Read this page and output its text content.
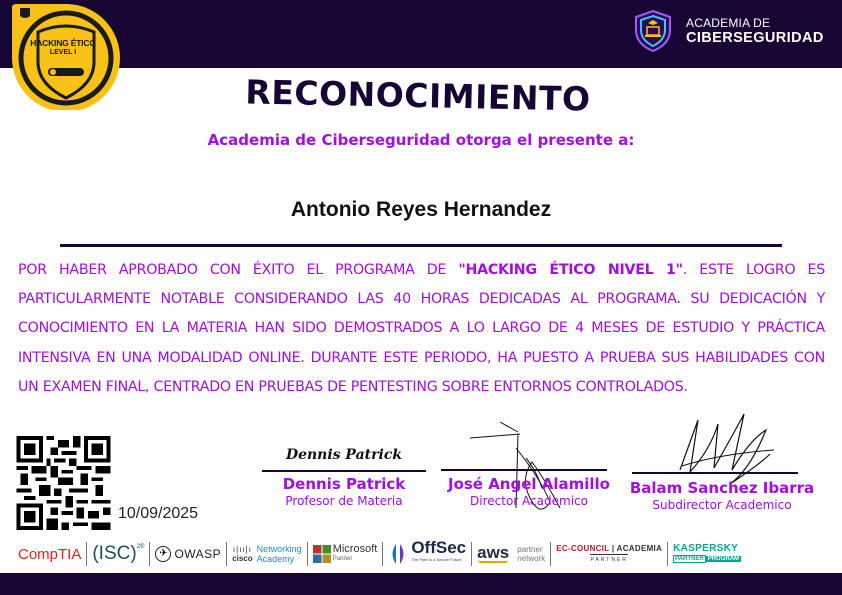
HACKING ÉTICO
LEVEL I
ACADEMIA DE
CIBERSEGURIDAD
RECONOCIMIENTO
Academia de Ciberseguridad otorga el presente a:
Antonio Reyes Hernandez
POR HABER APROBADO CON ÉXITO EL PROGRAMA DE "HACKING ÉTICO NIVEL 1". ESTE LOGRO ES PARTICULARMENTE NOTABLE CONSIDERANDO LAS 40 HORAS DEDICADAS AL PROGRAMA. SU DEDICACIÓN Y CONOCIMIENTO EN LA MATERIA HAN SIDO DEMOSTRADOS A LO LARGO DE 4 MESES DE ESTUDIO Y PRÁCTICA INTENSIVA EN UNA MODALIDAD ONLINE. DURANTE ESTE PERIODO, HA PUESTO A PRUEBA SUS HABILIDADES CON UN EXAMEN FINAL, CENTRADO EN PRUEBAS DE PENTESTING SOBRE ENTORNOS CONTROLADOS.
10/09/2025
Dennis Patrick
Dennis Patrick
Profesor de Materia
José Angel Alamillo
Director Academico
Balam Sanchez Ibarra
Subdirector Academico
CompTIA (ISC) 2®
✈ OWASP ı|ıı|ı
cisco
Networking
Academy
Microsoft
Partner
OffSec
The Path to a Secure Future aws partner
network
EC-COUNCIL | ACADEMIA
PARTNER
KASPERSKY
PARTNER PROGRAM
